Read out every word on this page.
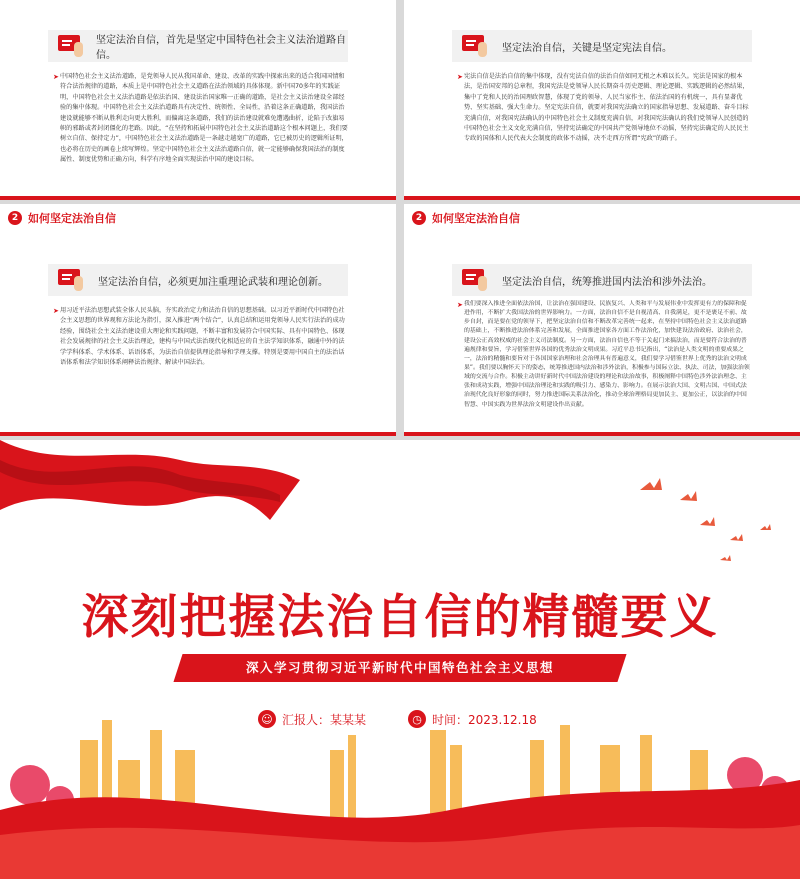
坚定法治自信，首先是坚定中国特色社会主义法治道路自信。
➤ 中国特色社会主义法治道路，是党领导人民从我国革命、建设、改革的实践中探索出来的适合我国国情和符合法治规律的道路，本质上是中国特色社会主义道路在法治领域的具体体现。新中国70多年的实践证明，中国特色社会主义法治道路是依法治国、建设法治国家唯一正确的道路，是社会主义法治建设全部经验的集中体现。中国特色社会主义法治道路具有决定性、统领性、全局性，沿着这条正确道路，我国法治建设就能够不断从胜利走向更大胜利，而偏离这条道路，我们的法治建设就难免遭遇曲折，论陷于改旗易帜的邪路或者封闭僵化的老路。因此，“在坚持和拓展中国特色社会主义法治道路这个根本问题上，我们要树立自信、保持定力”，中国特色社会主义法治道路是一条越走越宽广的道路，它已被历史的逻辑所证明，也必将在历史的画卷上续写辉煌。坚定中国特色社会主义法治道路自信，就一定能够确保我国法治的制度属性、制度优势和正确方向，科学有序地全面实现法治中国的建设目标。
坚定法治自信，关键是坚定宪法自信。
➤ 宪法自信是法治自信的集中体现，没有宪法自信的法治自信如同无根之木难以长久。宪法是国家的根本法，是治国安邦的总章程，我国宪法是党领导人民长期奋斗历史逻辑、理论逻辑、实践逻辑的必然结果，集中了党和人民的治国理政智慧，体现了党的领导、人民当家作主、依法治国的有机统一，具有显著优势、坚实基础、强大生命力。坚定宪法自信，就要对我国宪法确立的国家指导思想、发展道路、奋斗目标充满自信，对我国宪法确认的中国特色社会主义制度充满自信，对我国宪法确认的我们党领导人民创造的中国特色社会主义文化充满自信，坚持宪法确定的中国共产党领导地位不动摇，坚持宪法确定的人民民主专政的国体和人民代表大会制度的政体不动摇，决不走西方所谓“宪政”的路子。
2 如何坚定法治自信
坚定法治自信，必须更加注重理论武装和理论创新。
➤ 用习近平法治思想武装全体人民头脑，夯实政治定力和法治自信的思想基础。以习近平新时代中国特色社会主义思想的世界观和方法论为指引，深入推进“两个结合”，认真总结和运用党领导人民实行法治的成功经验，围绕社会主义法治建设重大理论和实践问题，不断丰富和发展符合中国实际、具有中国特色、体现社会发展规律的社会主义法治理论，建构与中国式法治现代化相适应的自主法学知识体系，融通中外的法学学科体系、学术体系、话语体系，为法治自信提供理论指导和学理支撑。特别是要用中国自主的法治话语体系和法学知识体系阐释法治规律、解读中国法治。
2 如何坚定法治自信
坚定法治自信，统筹推进国内法治和涉外法治。
➤ 我们要深入推进全面依法治国，让法治在强国建设、民族复兴、人类和平与发展伟业中发挥更有力的保障和促进作用，不断扩大我国法治的世界影响力。一方面，法治自信不是自视清高、自我满足，更不是裹足不前、故步自封，而是要在党的领导下，把坚定法治自信和不断改革完善统一起来，在坚持中国特色社会主义法治道路的基础上，不断推进法治体系完善和发展，全面推进国家各方面工作法治化，加快建设法治政府、法治社会，建设公正高效权威的社会主义司法制度。另一方面，法治自信也不等于关起门来搞法治，而是要符合法治的普遍规律和要旨，学习借鉴世界各国的优秀法治文明成果。习近平总书记指出，“法治是人类文明的重要成果之一，法治的精髓和要旨对于各国国家治理和社会治理具有普遍意义，我们要学习借鉴世界上优秀的法治文明成果”。我们要以胸怀天下的姿态，统筹推进国内法治和涉外法治，积极参与国际立法、执法、司法，加强法治领域的交流与合作。积极主动讲好新时代中国法治建设的理论和法治故事，积极阐释中国特色涉外法治理念、主张和成功实践，增强中国法治理论和实践的吸引力、感染力、影响力。在展示法治大国、文明古国、中国式法治现代化良好形象的同时，努力推进国际关系法治化，推动全球治理格局更加民主、更加公正，以法治的中国智慧、中国实践为世界法治文明建设作出贡献。
深刻把握法治自信的精髓要义
深入学习贯彻习近平新时代中国特色社会主义思想
☺ 汇报人：某某某	◷ 时间：2023.12.18
